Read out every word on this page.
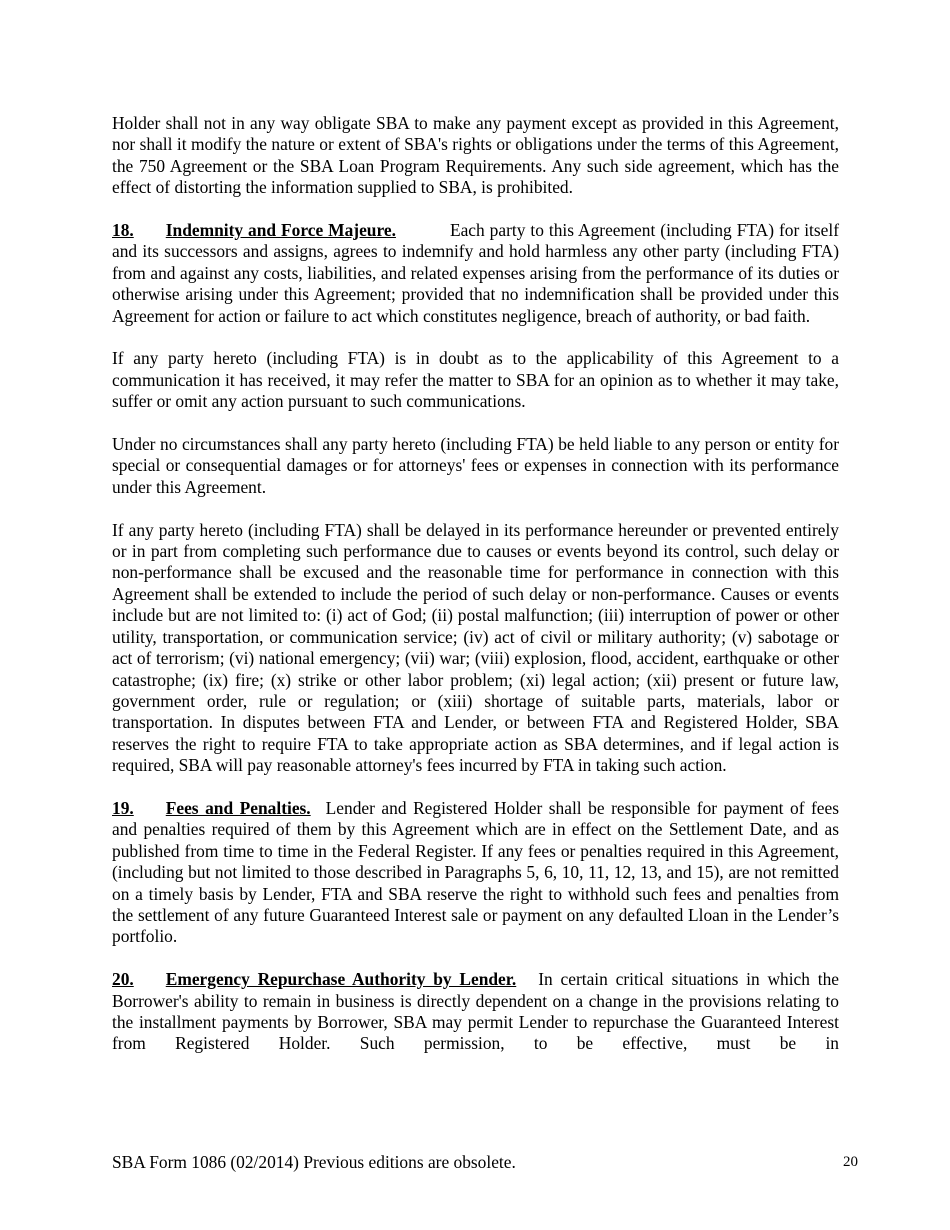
Holder shall not in any way obligate SBA to make any payment except as provided in this Agreement, nor shall it modify the nature or extent of SBA's rights or obligations under the terms of this Agreement, the 750 Agreement or the SBA Loan Program Requirements. Any such side agreement, which has the effect of distorting the information supplied to SBA, is prohibited.

18. Indemnity and Force Majeure.	Each party to this Agreement (including FTA) for itself and its successors and assigns, agrees to indemnify and hold harmless any other party (including FTA) from and against any costs, liabilities, and related expenses arising from the performance of its duties or otherwise arising under this Agreement; provided that no indemnification shall be provided under this Agreement for action or failure to act which constitutes negligence, breach of authority, or bad faith.

If any party hereto (including FTA) is in doubt as to the applicability of this Agreement to a communication it has received, it may refer the matter to SBA for an opinion as to whether it may take, suffer or omit any action pursuant to such communications.

Under no circumstances shall any party hereto (including FTA) be held liable to any person or entity for special or consequential damages or for attorneys' fees or expenses in connection with its performance under this Agreement.

If any party hereto (including FTA) shall be delayed in its performance hereunder or prevented entirely or in part from completing such performance due to causes or events beyond its control, such delay or non-performance shall be excused and the reasonable time for performance in connection with this Agreement shall be extended to include the period of such delay or non-performance. Causes or events include but are not limited to: (i) act of God; (ii) postal malfunction; (iii) interruption of power or other utility, transportation, or communication service; (iv) act of civil or military authority; (v) sabotage or act of terrorism; (vi) national emergency; (vii) war; (viii) explosion, flood, accident, earthquake or other catastrophe; (ix) fire; (x) strike or other labor problem; (xi) legal action; (xii) present or future law, government order, rule or regulation; or (xiii) shortage of suitable parts, materials, labor or transportation. In disputes between FTA and Lender, or between FTA and Registered Holder, SBA reserves the right to require FTA to take appropriate action as SBA determines, and if legal action is required, SBA will pay reasonable attorney's fees incurred by FTA in taking such action.

19. Fees and Penalties. Lender and Registered Holder shall be responsible for payment of fees and penalties required of them by this Agreement which are in effect on the Settlement Date, and as published from time to time in the Federal Register. If any fees or penalties required in this Agreement, (including but not limited to those described in Paragraphs 5, 6, 10, 11, 12, 13, and 15), are not remitted on a timely basis by Lender, FTA and SBA reserve the right to withhold such fees and penalties from the settlement of any future Guaranteed Interest sale or payment on any defaulted Lloan in the Lender’s portfolio.

20. Emergency Repurchase Authority by Lender. In certain critical situations in which the Borrower's ability to remain in business is directly dependent on a change in the provisions relating to the installment payments by Borrower, SBA may permit Lender to repurchase the Guaranteed Interest from Registered Holder. Such permission, to be effective, must be in

SBA Form 1086 (02/2014) Previous editions are obsolete.	20
